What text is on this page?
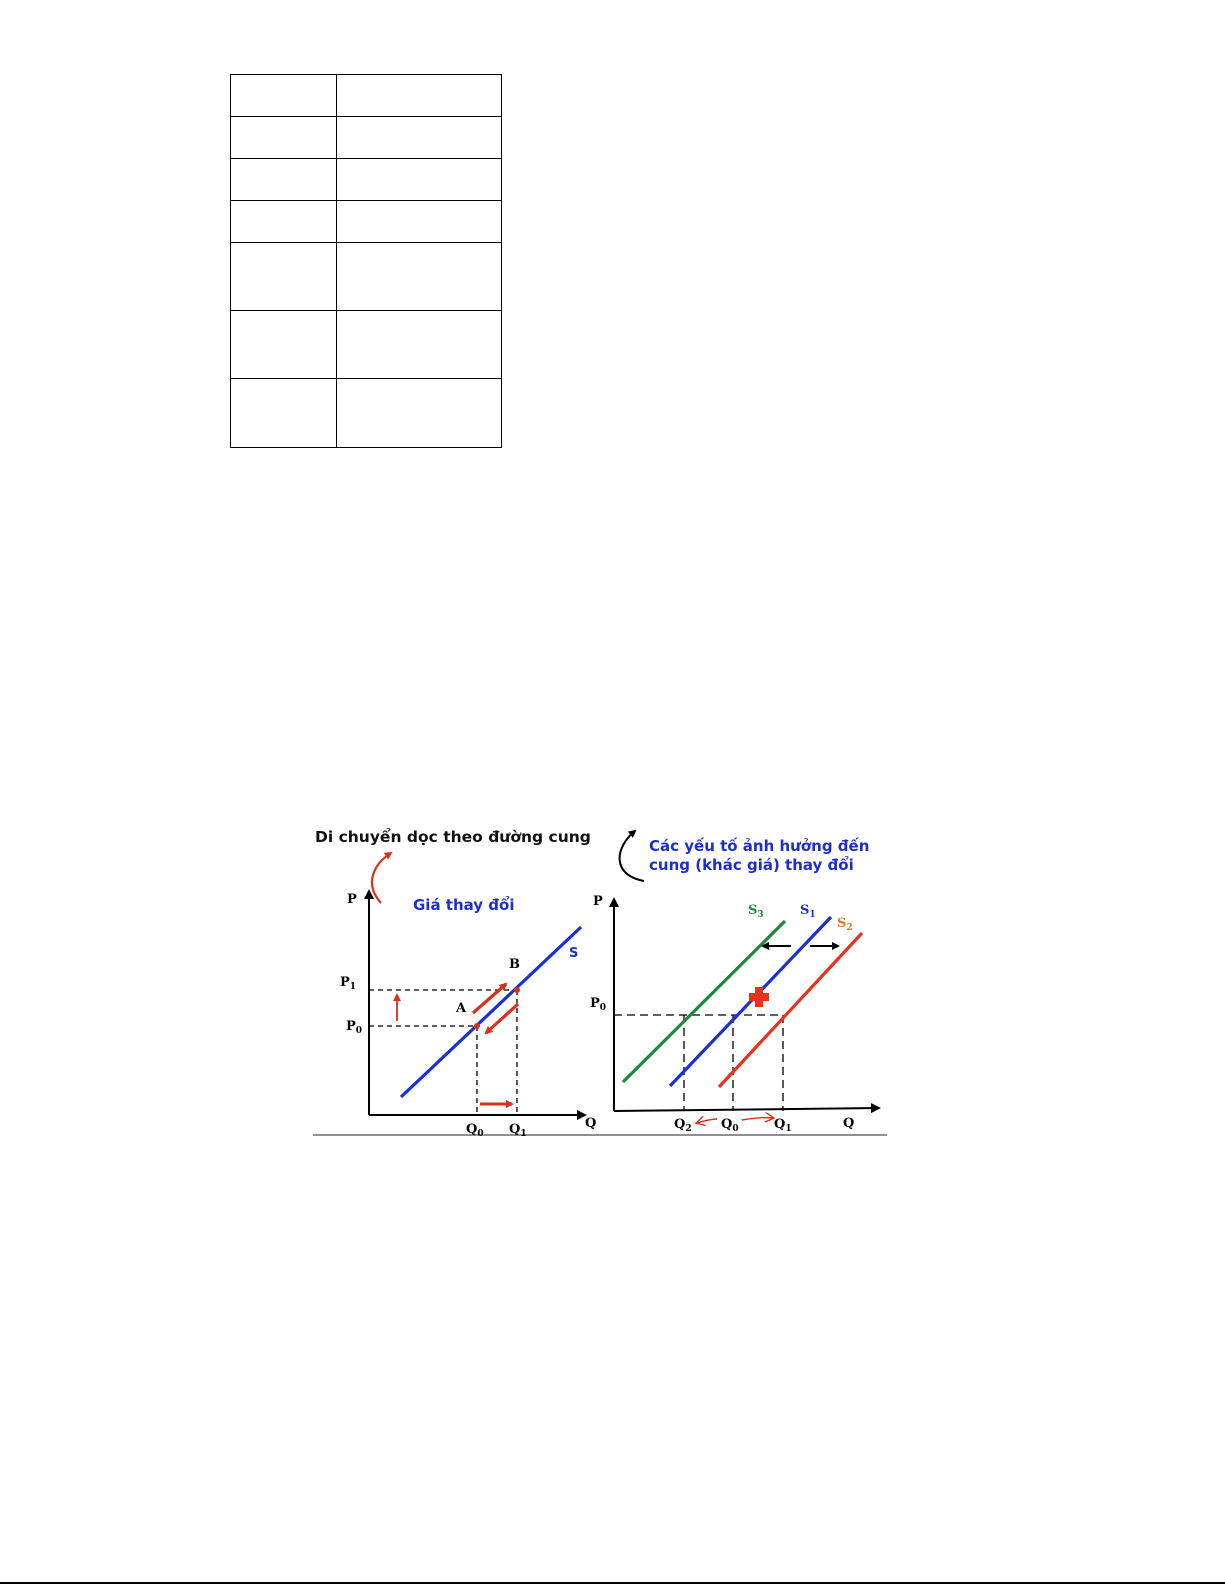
Di chuyển dọc theo đường cung
Giá thay đổi
P
Q
S
A
B
$P_1$
$P_0$
$Q_0$ $Q_1$
Các yếu tố ảnh hưởng đến
cung (khác giá) thay đổi
P
Q
$S_3$	$S_1$
$S_2$
$P_0$
$Q_2$ $Q_0$	$Q_1$
